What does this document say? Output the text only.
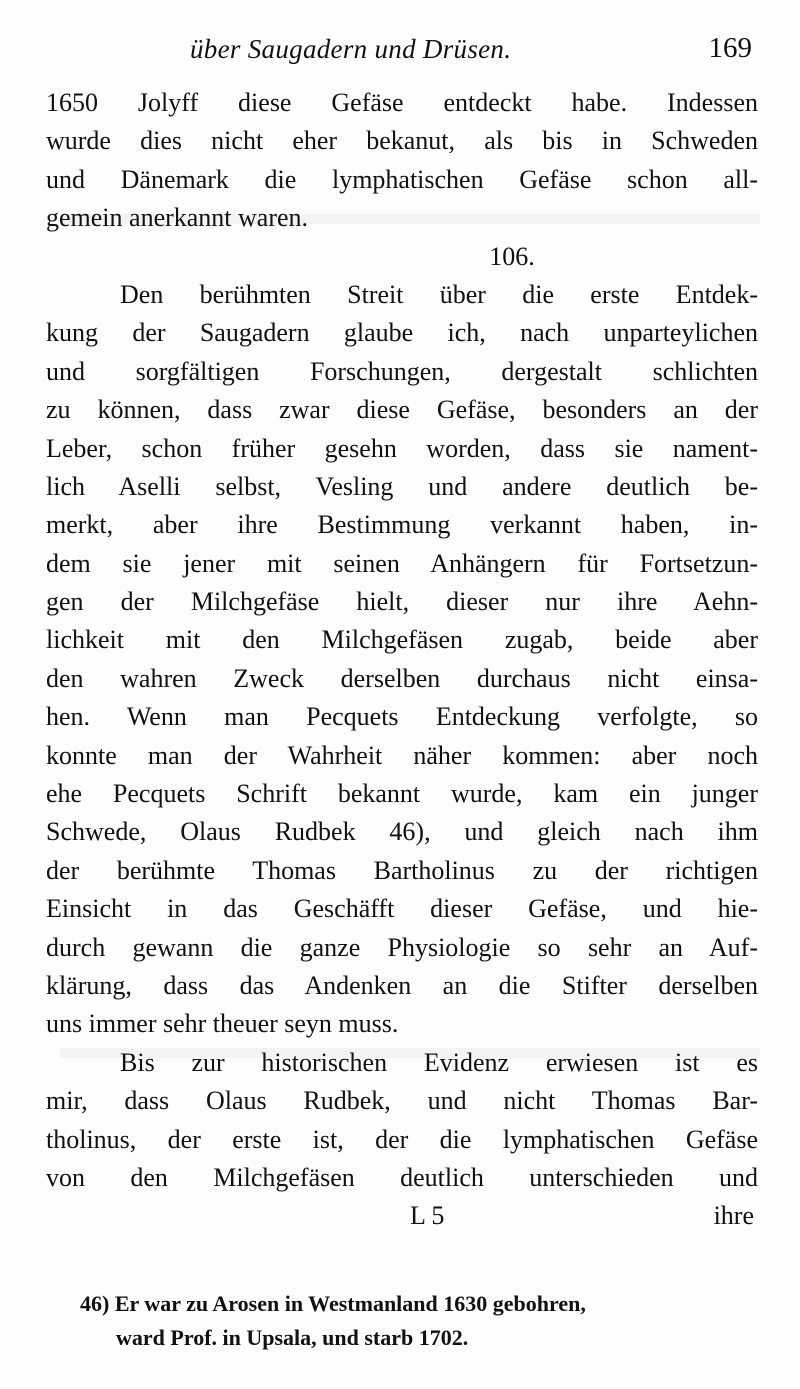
über Saugadern und Drüsen.	169
1650 Jolyff diese Gefäse entdeckt habe. Indessen
wurde dies nicht eher bekanut, als bis in Schweden
und Dänemark die lymphatischen Gefäse schon all-
gemein anerkannt waren.
106.
Den berühmten Streit über die erste Entdek-
kung der Saugadern glaube ich, nach unparteylichen
und sorgfältigen Forschungen, dergestalt schlichten
zu können, dass zwar diese Gefäse, besonders an der
Leber, schon früher gesehn worden, dass sie nament-
lich Aselli selbst, Vesling und andere deutlich be-
merkt, aber ihre Bestimmung verkannt haben, in-
dem sie jener mit seinen Anhängern für Fortsetzun-
gen der Milchgefäse hielt, dieser nur ihre Aehn-
lichkeit mit den Milchgefäsen zugab, beide aber
den wahren Zweck derselben durchaus nicht einsa-
hen. Wenn man Pecquets Entdeckung verfolgte, so
konnte man der Wahrheit näher kommen: aber noch
ehe Pecquets Schrift bekannt wurde, kam ein junger
Schwede, Olaus Rudbek 46), und gleich nach ihm
der berühmte Thomas Bartholinus zu der richtigen
Einsicht in das Geschäfft dieser Gefäse, und hie-
durch gewann die ganze Physiologie so sehr an Auf-
klärung, dass das Andenken an die Stifter derselben
uns immer sehr theuer seyn muss.
Bis zur historischen Evidenz erwiesen ist es
mir, dass Olaus Rudbek, und nicht Thomas Bar-
tholinus, der erste ist, der die lymphatischen Gefäse
von den Milchgefäsen deutlich unterschieden und
L 5	ihre
46) Er war zu Arosen in Westmanland 1630 gebohren,
ward Prof. in Upsala, und starb 1702.
